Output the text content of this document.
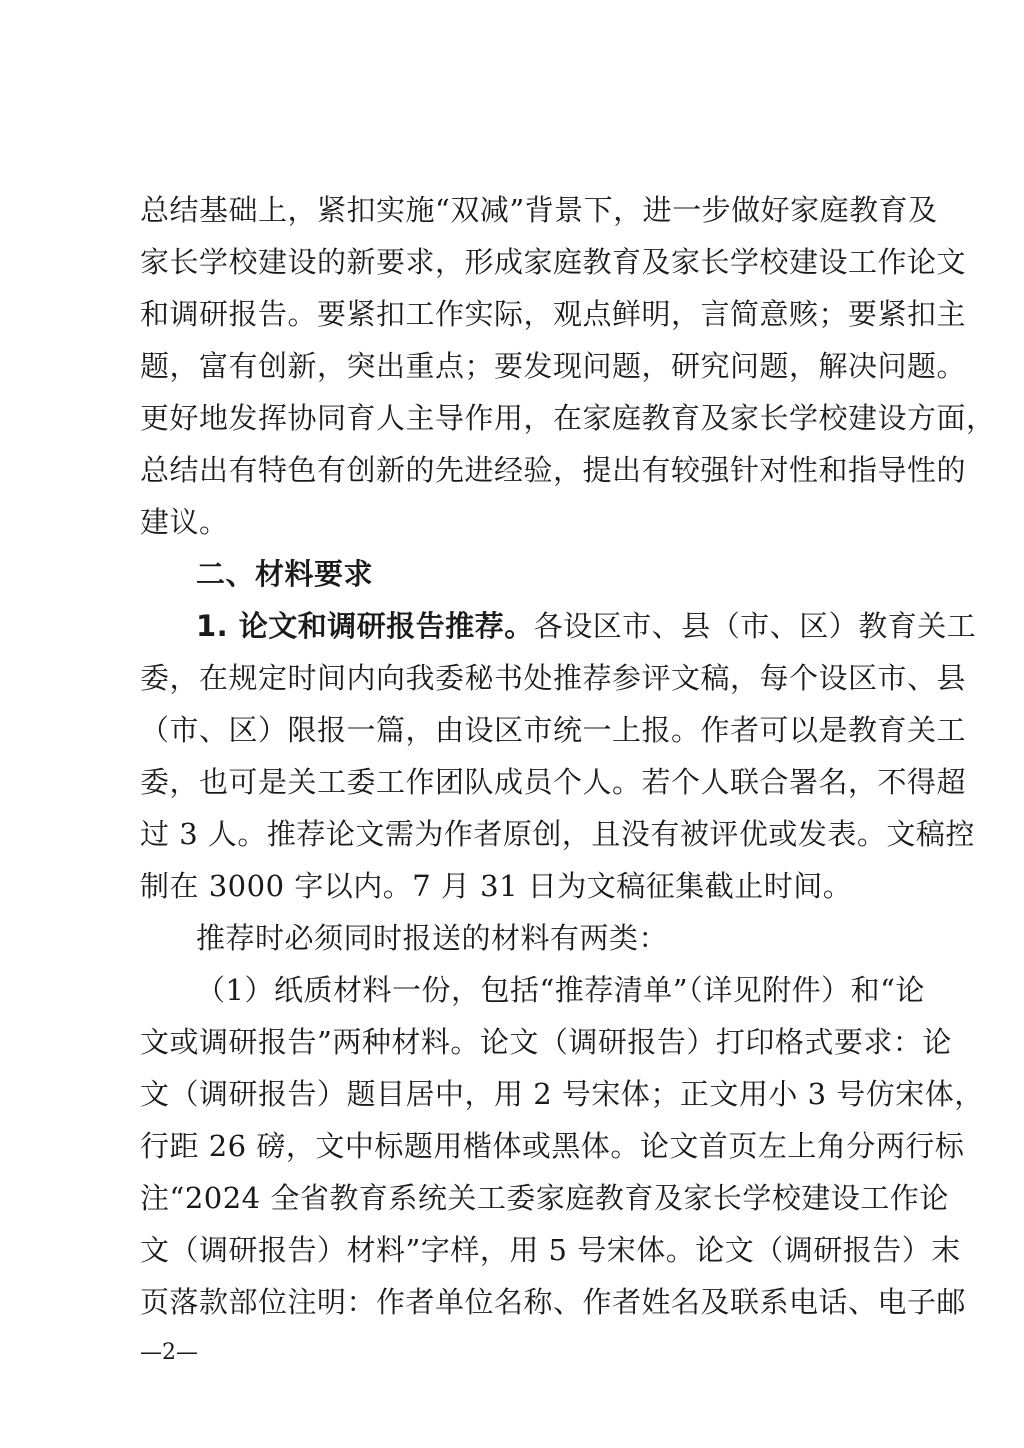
总结基础上，紧扣实施“双减”背景下，进一步做好家庭教育及
家长学校建设的新要求，形成家庭教育及家长学校建设工作论文
和调研报告。要紧扣工作实际，观点鲜明，言简意赅；要紧扣主
题，富有创新，突出重点；要发现问题，研究问题，解决问题。
更好地发挥协同育人主导作用，在家庭教育及家长学校建设方面，
总结出有特色有创新的先进经验，提出有较强针对性和指导性的
建议。
二、材料要求
1. 论文和调研报告推荐。各设区市、县（市、区）教育关工
委，在规定时间内向我委秘书处推荐参评文稿，每个设区市、县
（市、区）限报一篇，由设区市统一上报。作者可以是教育关工
委，也可是关工委工作团队成员个人。若个人联合署名，不得超
过 3 人。推荐论文需为作者原创，且没有被评优或发表。文稿控
制在 3000 字以内。7 月 31 日为文稿征集截止时间。
推荐时必须同时报送的材料有两类：
（1）纸质材料一份，包括“推荐清单”（详见附件）和“论
文或调研报告”两种材料。论文（调研报告）打印格式要求：论
文（调研报告）题目居中，用 2 号宋体；正文用小 3 号仿宋体，
行距 26 磅，文中标题用楷体或黑体。论文首页左上角分两行标
注“2024 全省教育系统关工委家庭教育及家长学校建设工作论
文（调研报告）材料”字样，用 5 号宋体。论文（调研报告）末
页落款部位注明：作者单位名称、作者姓名及联系电话、电子邮
—2—
